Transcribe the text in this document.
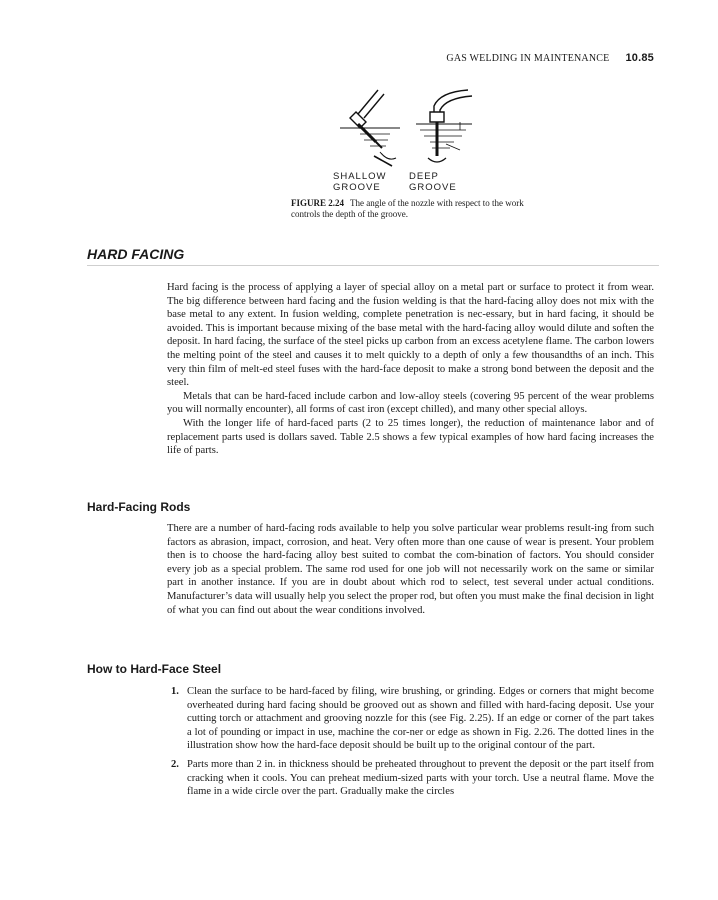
GAS WELDING IN MAINTENANCE 10.85
SHALLOW
GROOVE
DEEP
GROOVE
FIGURE 2.24 The angle of the nozzle with respect to the work controls the depth of the groove.
HARD FACING

Hard facing is the process of applying a layer of special alloy on a metal part or surface to protect it from wear. The big difference between hard facing and the fusion welding is that the hard-facing alloy does not mix with the base metal to any extent. In fusion welding, complete penetration is nec-essary, but in hard facing, it should be avoided. This is important because mixing of the base metal with the hard-facing alloy would dilute and soften the deposit. In hard facing, the surface of the steel picks up carbon from an excess acetylene flame. The carbon lowers the melting point of the steel and causes it to melt quickly to a depth of only a few thousandths of an inch. This very thin film of melt-ed steel fuses with the hard-face deposit to make a strong bond between the deposit and the steel.

Metals that can be hard-faced include carbon and low-alloy steels (covering 95 percent of the wear problems you will normally encounter), all forms of cast iron (except chilled), and many other special alloys.

With the longer life of hard-faced parts (2 to 25 times longer), the reduction of maintenance labor and of replacement parts used is dollars saved. Table 2.5 shows a few typical examples of how hard facing increases the life of parts.

Hard-Facing Rods

There are a number of hard-facing rods available to help you solve particular wear problems result-ing from such factors as abrasion, impact, corrosion, and heat. Very often more than one cause of wear is present. Your problem then is to choose the hard-facing alloy best suited to combat the com-bination of factors. You should consider every job as a special problem. The same rod used for one job will not necessarily work on the same or similar part in another instance. If you are in doubt about which rod to select, test several under actual conditions. Manufacturer’s data will usually help you select the proper rod, but often you must make the final decision in light of what you can find out about the wear conditions involved.

How to Hard-Face Steel
1. Clean the surface to be hard-faced by filing, wire brushing, or grinding. Edges or corners that might become overheated during hard facing should be grooved out as shown and filled with hard-facing deposit. Use your cutting torch or attachment and grooving nozzle for this (see Fig. 2.25). If an edge or corner of the part takes a lot of pounding or impact in use, machine the cor-ner or edge as shown in Fig. 2.26. The dotted lines in the illustration show how the hard-face deposit should be built up to the original contour of the part.
2. Parts more than 2 in. in thickness should be preheated throughout to prevent the deposit or the part itself from cracking when it cools. You can preheat medium-sized parts with your torch. Use a neutral flame. Move the flame in a wide circle over the part. Gradually make the circles
